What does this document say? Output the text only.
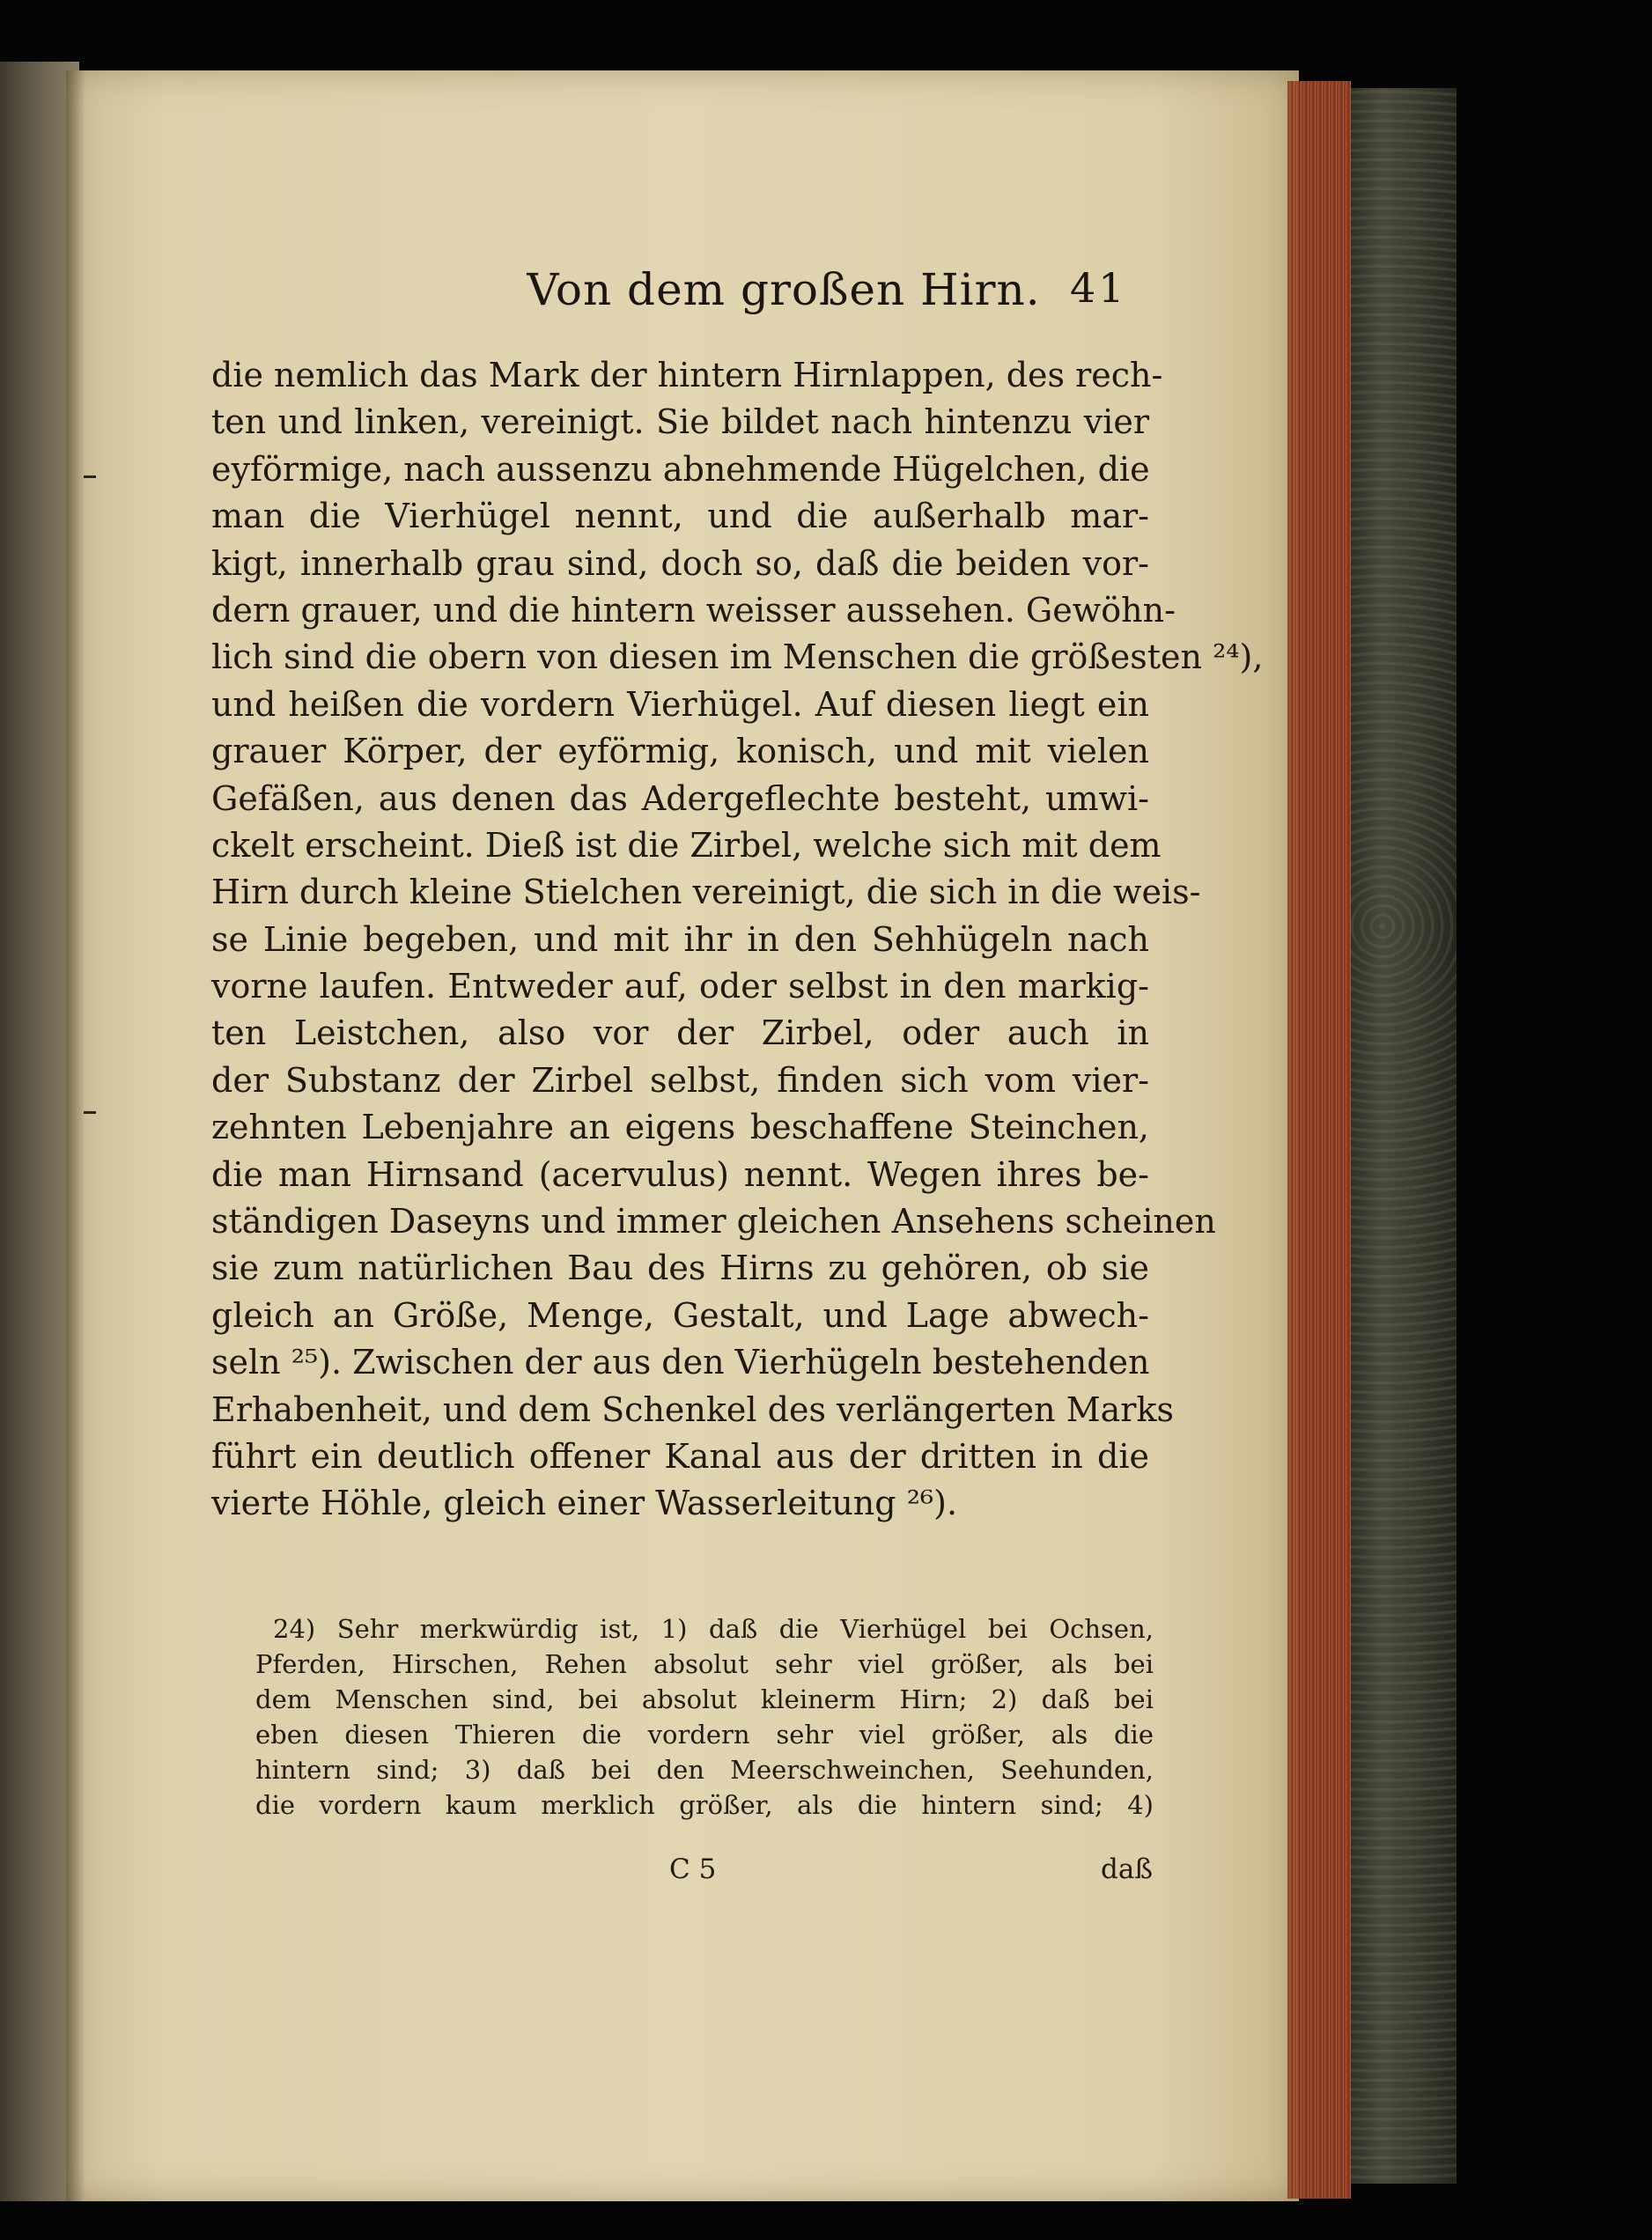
Von dem großen Hirn. 41
die nemlich das Mark der hintern Hirnlappen, des rech-
ten und linken, vereinigt. Sie bildet nach hintenzu vier
eyförmige, nach aussenzu abnehmende Hügelchen, die
man die Vierhügel nennt, und die außerhalb mar-
kigt, innerhalb grau sind, doch so, daß die beiden vor-
dern grauer, und die hintern weisser aussehen. Gewöhn-
lich sind die obern von diesen im Menschen die größesten ²⁴),
und heißen die vordern Vierhügel. Auf diesen liegt ein
grauer Körper, der eyförmig, konisch, und mit vielen
Gefäßen, aus denen das Adergeflechte besteht, umwi-
ckelt erscheint. Dieß ist die Zirbel, welche sich mit dem
Hirn durch kleine Stielchen vereinigt, die sich in die weis-
se Linie begeben, und mit ihr in den Sehhügeln nach
vorne laufen. Entweder auf, oder selbst in den markig-
ten Leistchen, also vor der Zirbel, oder auch in
der Substanz der Zirbel selbst, finden sich vom vier-
zehnten Lebenjahre an eigens beschaffene Steinchen,
die man Hirnsand (acervulus) nennt. Wegen ihres be-
ständigen Daseyns und immer gleichen Ansehens scheinen
sie zum natürlichen Bau des Hirns zu gehören, ob sie
gleich an Größe, Menge, Gestalt, und Lage abwech-
seln ²⁵). Zwischen der aus den Vierhügeln bestehenden
Erhabenheit, und dem Schenkel des verlängerten Marks
führt ein deutlich offener Kanal aus der dritten in die
vierte Höhle, gleich einer Wasserleitung ²⁶).
24) Sehr merkwürdig ist, 1) daß die Vierhügel bei Ochsen,
Pferden, Hirschen, Rehen absolut sehr viel größer, als bei
dem Menschen sind, bei absolut kleinerm Hirn; 2) daß bei
eben diesen Thieren die vordern sehr viel größer, als die
hintern sind; 3) daß bei den Meerschweinchen, Seehunden,
die vordern kaum merklich größer, als die hintern sind; 4)
C 5	daß
